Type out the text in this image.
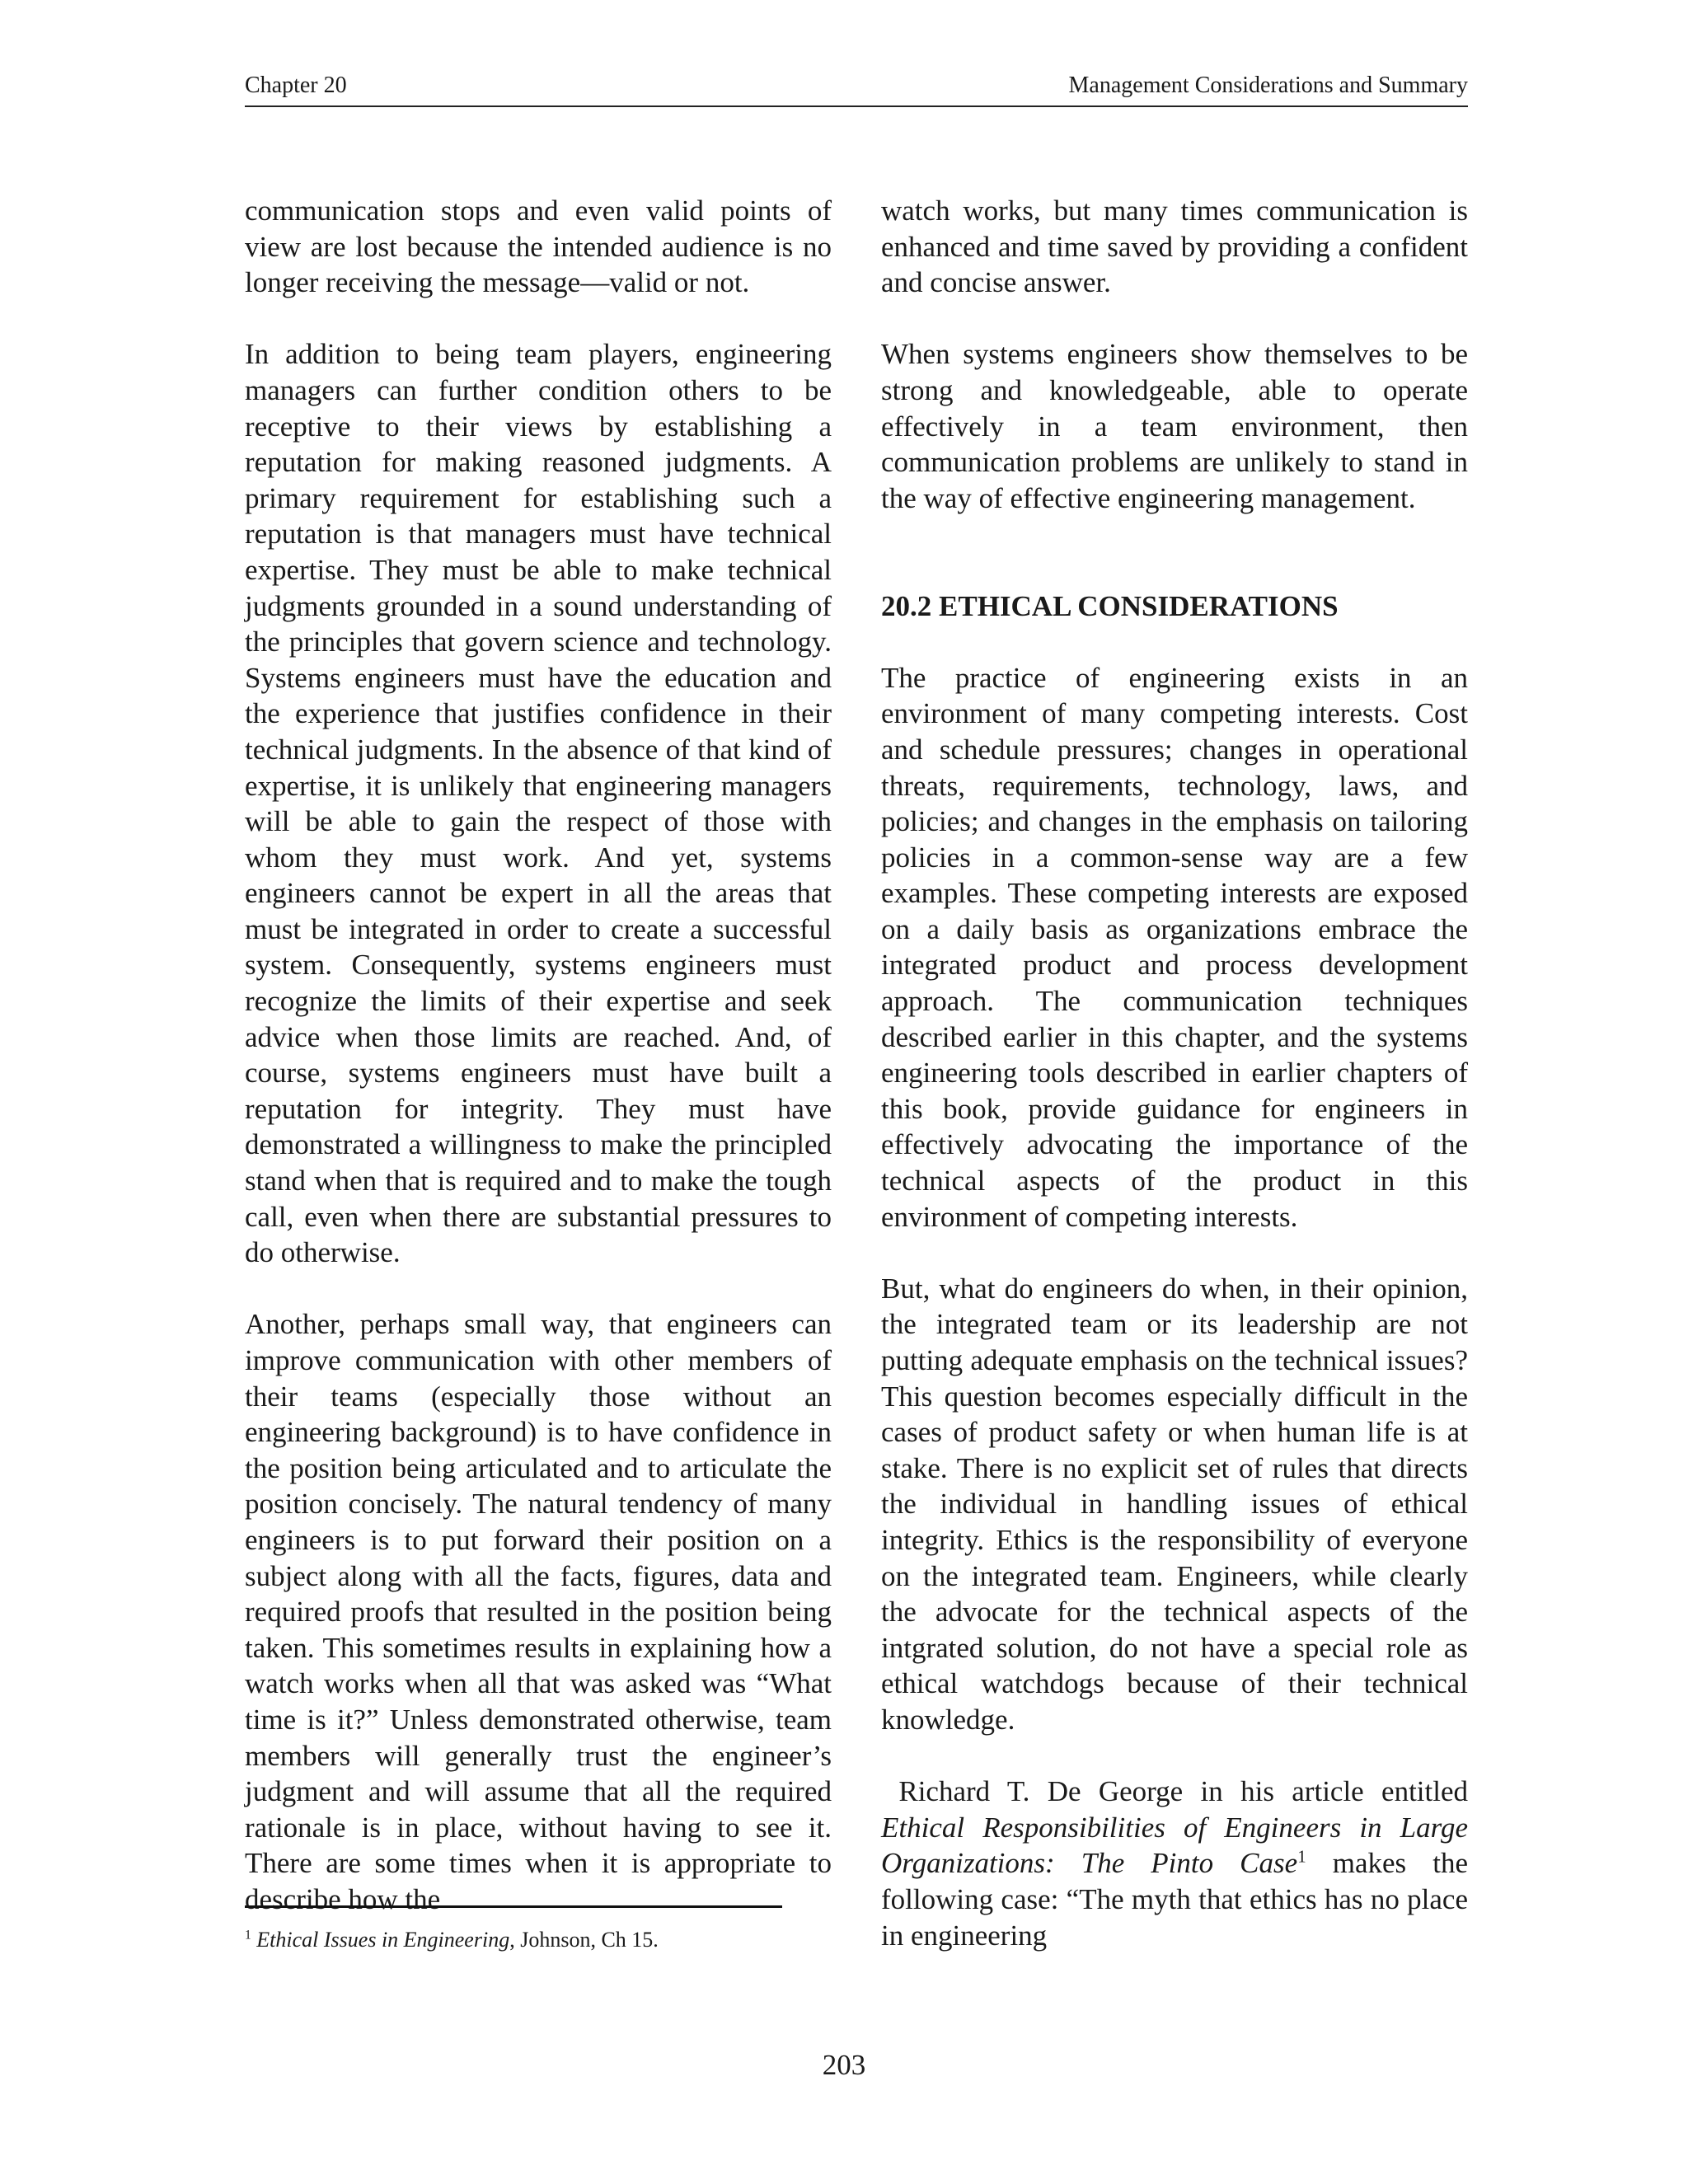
Chapter 20	Management Considerations and Summary

communication stops and even valid points of view are lost because the intended audience is no longer receiving the message—valid or not.

In addition to being team players, engineering managers can further condition others to be receptive to their views by establishing a reputation for making reasoned judgments. A primary requirement for establishing such a reputation is that managers must have technical expertise. They must be able to make technical judgments grounded in a sound understanding of the principles that govern science and technology. Systems engineers must have the education and the experience that justifies confidence in their technical judgments. In the absence of that kind of expertise, it is unlikely that engineering managers will be able to gain the respect of those with whom they must work. And yet, systems engineers cannot be expert in all the areas that must be integrated in order to create a successful system. Consequently, systems engineers must recognize the limits of their expertise and seek advice when those limits are reached. And, of course, systems engineers must have built a reputation for integrity. They must have demonstrated a willingness to make the principled stand when that is required and to make the tough call, even when there are substantial pressures to do otherwise.

Another, perhaps small way, that engineers can improve communication with other members of their teams (especially those without an engineering background) is to have confidence in the position being articulated and to articulate the position concisely. The natural tendency of many engineers is to put forward their position on a subject along with all the facts, figures, data and required proofs that resulted in the position being taken. This sometimes results in explaining how a watch works when all that was asked was “What time is it?” Unless demonstrated otherwise, team members will generally trust the engineer’s judgment and will assume that all the required rationale is in place, without having to see it. There are some times when it is appropriate to describe how the

watch works, but many times communication is enhanced and time saved by providing a confident and concise answer.

When systems engineers show themselves to be strong and knowledgeable, able to operate effectively in a team environment, then communication problems are unlikely to stand in the way of effective engineering management.

20.2 ETHICAL CONSIDERATIONS

The practice of engineering exists in an environment of many competing interests. Cost and schedule pressures; changes in operational threats, requirements, technology, laws, and policies; and changes in the emphasis on tailoring policies in a common-sense way are a few examples. These competing interests are exposed on a daily basis as organizations embrace the integrated product and process development approach. The communication techniques described earlier in this chapter, and the systems engineering tools described in earlier chapters of this book, provide guidance for engineers in effectively advocating the importance of the technical aspects of the product in this environment of competing interests.

But, what do engineers do when, in their opinion, the integrated team or its leadership are not putting adequate emphasis on the technical issues? This question becomes especially difficult in the cases of product safety or when human life is at stake. There is no explicit set of rules that directs the individual in handling issues of ethical integrity. Ethics is the responsibility of everyone on the integrated team. Engineers, while clearly the advocate for the technical aspects of the intgrated solution, do not have a special role as ethical watchdogs because of their technical knowledge.

Richard T. De George in his article entitled Ethical Responsibilities of Engineers in Large Organizations: The Pinto Case$^1$ makes the following case: “The myth that ethics has no place in engineering

$^1$ Ethical Issues in Engineering, Johnson, Ch 15.
203
